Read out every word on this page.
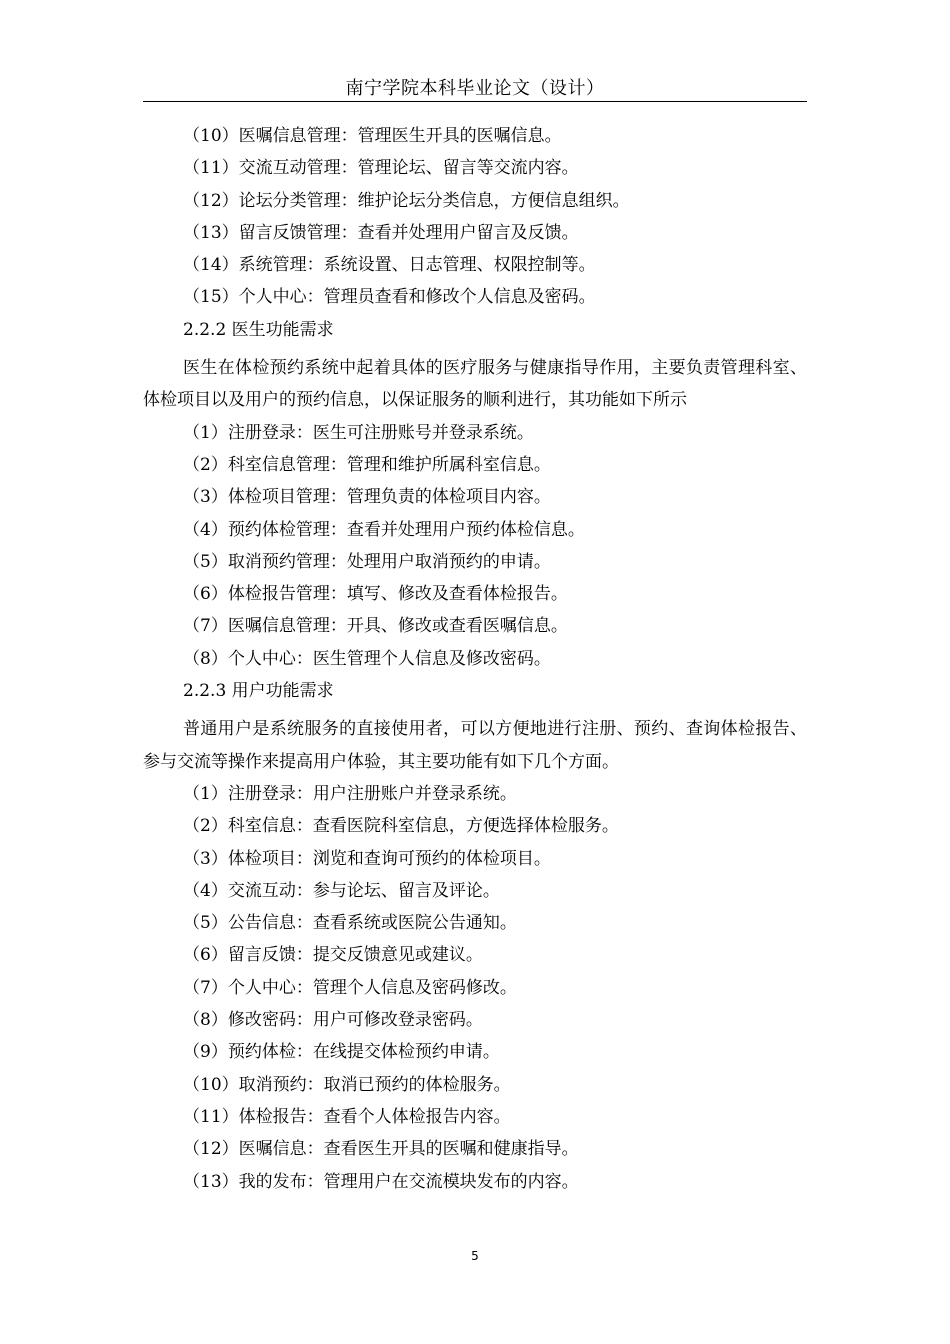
南宁学院本科毕业论文（设计）
（10）医嘱信息管理：管理医生开具的医嘱信息。
（11）交流互动管理：管理论坛、留言等交流内容。
（12）论坛分类管理：维护论坛分类信息，方便信息组织。
（13）留言反馈管理：查看并处理用户留言及反馈。
（14）系统管理：系统设置、日志管理、权限控制等。
（15）个人中心：管理员查看和修改个人信息及密码。
2.2.2 医生功能需求

医生在体检预约系统中起着具体的医疗服务与健康指导作用，主要负责管理科室、体检项目以及用户的预约信息，以保证服务的顺利进行，其功能如下所示

（1）注册登录：医生可注册账号并登录系统。
（2）科室信息管理：管理和维护所属科室信息。
（3）体检项目管理：管理负责的体检项目内容。
（4）预约体检管理：查看并处理用户预约体检信息。
（5）取消预约管理：处理用户取消预约的申请。
（6）体检报告管理：填写、修改及查看体检报告。
（7）医嘱信息管理：开具、修改或查看医嘱信息。
（8）个人中心：医生管理个人信息及修改密码。
2.2.3 用户功能需求

普通用户是系统服务的直接使用者，可以方便地进行注册、预约、查询体检报告、参与交流等操作来提高用户体验，其主要功能有如下几个方面。

（1）注册登录：用户注册账户并登录系统。
（2）科室信息：查看医院科室信息，方便选择体检服务。
（3）体检项目：浏览和查询可预约的体检项目。
（4）交流互动：参与论坛、留言及评论。
（5）公告信息：查看系统或医院公告通知。
（6）留言反馈：提交反馈意见或建议。
（7）个人中心：管理个人信息及密码修改。
（8）修改密码：用户可修改登录密码。
（9）预约体检：在线提交体检预约申请。
（10）取消预约：取消已预约的体检服务。
（11）体检报告：查看个人体检报告内容。
（12）医嘱信息：查看医生开具的医嘱和健康指导。
（13）我的发布：管理用户在交流模块发布的内容。
5
